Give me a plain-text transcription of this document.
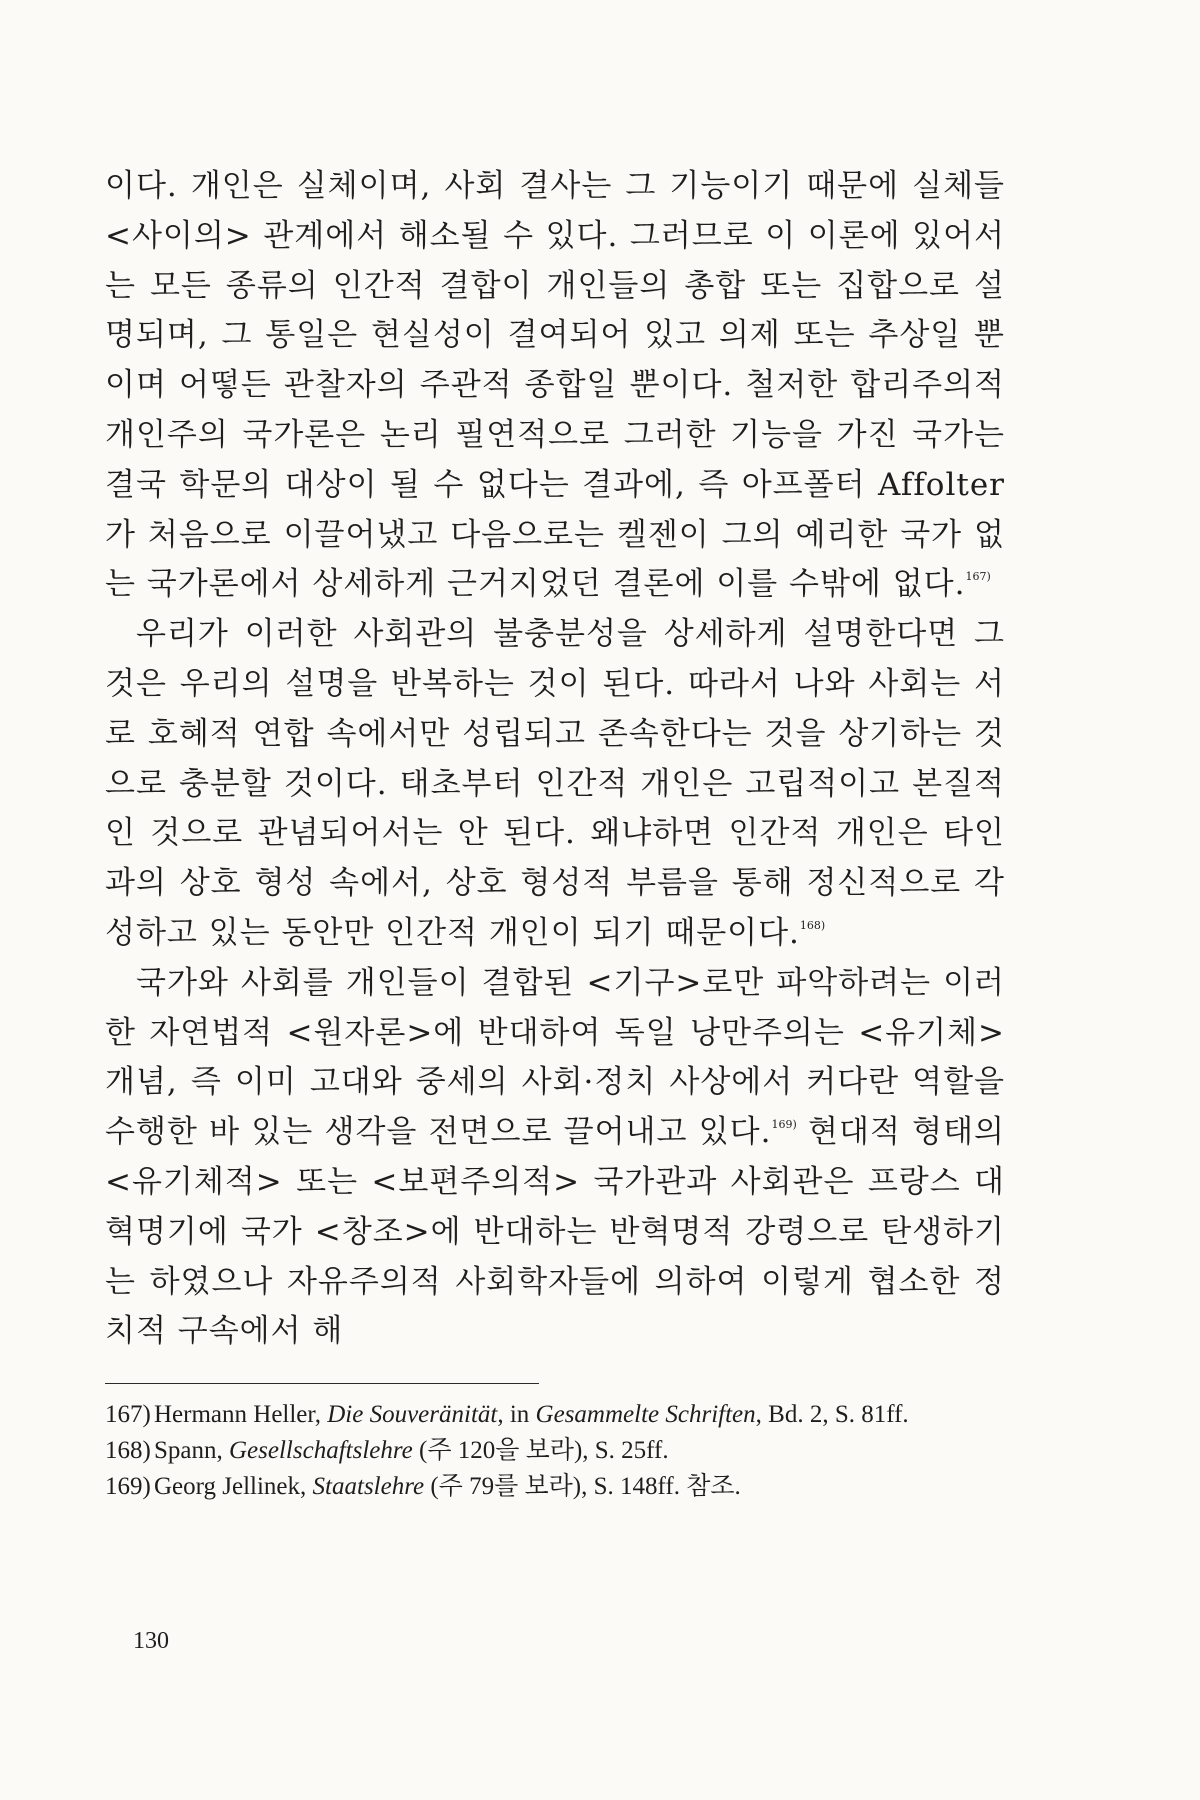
이다. 개인은 실체이며, 사회 결사는 그 기능이기 때문에 실체들 <사이의> 관계에서 해소될 수 있다. 그러므로 이 이론에 있어서는 모든 종류의 인간적 결합이 개인들의 총합 또는 집합으로 설명되며, 그 통일은 현실성이 결여되어 있고 의제 또는 추상일 뿐이며 어떻든 관찰자의 주관적 종합일 뿐이다. 철저한 합리주의적 개인주의 국가론은 논리 필연적으로 그러한 기능을 가진 국가는 결국 학문의 대상이 될 수 없다는 결과에, 즉 아프폴터 Affolter가 처음으로 이끌어냈고 다음으로는 켈젠이 그의 예리한 국가 없는 국가론에서 상세하게 근거지었던 결론에 이를 수밖에 없다.$^{167)}$

우리가 이러한 사회관의 불충분성을 상세하게 설명한다면 그것은 우리의 설명을 반복하는 것이 된다. 따라서 나와 사회는 서로 호혜적 연합 속에서만 성립되고 존속한다는 것을 상기하는 것으로 충분할 것이다. 태초부터 인간적 개인은 고립적이고 본질적인 것으로 관념되어서는 안 된다. 왜냐하면 인간적 개인은 타인과의 상호 형성 속에서, 상호 형성적 부름을 통해 정신적으로 각성하고 있는 동안만 인간적 개인이 되기 때문이다.$^{168)}$

국가와 사회를 개인들이 결합된 <기구>로만 파악하려는 이러한 자연법적 <원자론>에 반대하여 독일 낭만주의는 <유기체> 개념, 즉 이미 고대와 중세의 사회·정치 사상에서 커다란 역할을 수행한 바 있는 생각을 전면으로 끌어내고 있다.$^{169)}$ 현대적 형태의 <유기체적> 또는 <보편주의적> 국가관과 사회관은 프랑스 대혁명기에 국가 <창조>에 반대하는 반혁명적 강령으로 탄생하기는 하였으나 자유주의적 사회학자들에 의하여 이렇게 협소한 정치적 구속에서 해

167) Hermann Heller, Die Souveränität, in Gesammelte Schriften, Bd. 2, S. 81ff.
168) Spann, Gesellschaftslehre (주 120을 보라), S. 25ff.
169) Georg Jellinek, Staatslehre (주 79를 보라), S. 148ff. 참조.
130
